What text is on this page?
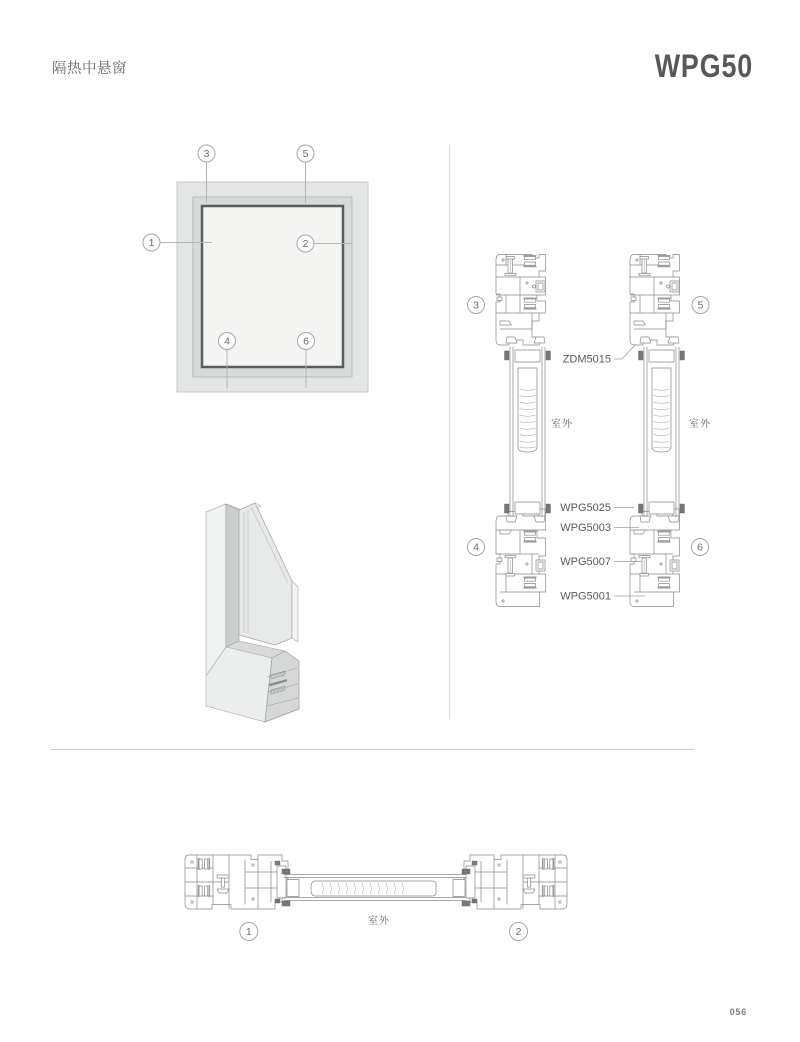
隔热中悬窗	WPG50
3	5
1	2
4	6
3
4
5
6
室外	室外
ZDM5015
WPG5025
WPG5003
WPG5007
WPG5001
室外
1	2
056
